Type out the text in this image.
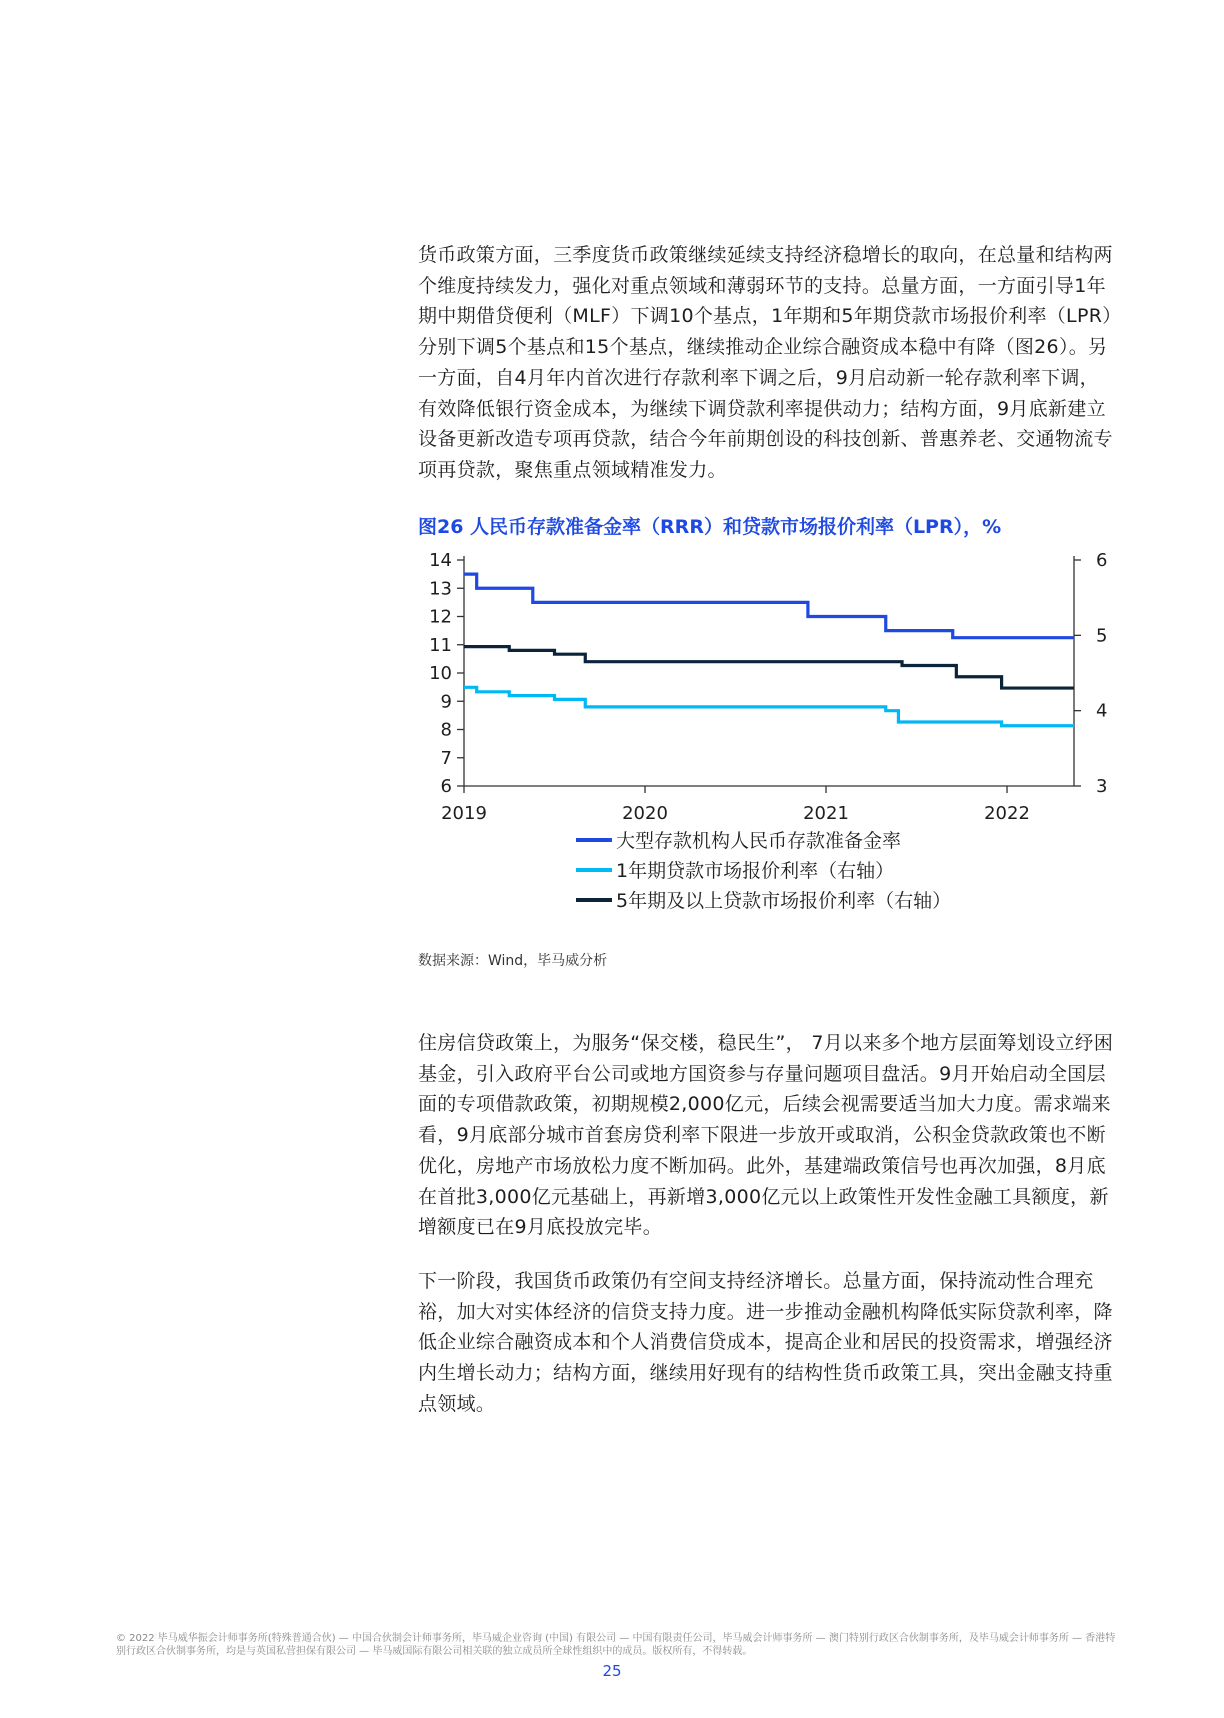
货币政策方面，三季度货币政策继续延续支持经济稳增长的取向，在总量和结构两个维度持续发力，强化对重点领域和薄弱环节的支持。总量方面，一方面引导1年期中期借贷便利（MLF）下调10个基点，1年期和5年期贷款市场报价利率（LPR）分别下调5个基点和15个基点，继续推动企业综合融资成本稳中有降（图26）。另一方面，自4月年内首次进行存款利率下调之后，9月启动新一轮存款利率下调，有效降低银行资金成本，为继续下调贷款利率提供动力；结构方面，9月底新建立设备更新改造专项再贷款，结合今年前期创设的科技创新、普惠养老、交通物流专项再贷款，聚焦重点领域精准发力。

图26 人民币存款准备金率（RRR）和贷款市场报价利率（LPR），%

14
13
12
11
10
9
8
7
6
6
5
4
3
2019	2020	2021	2022
大型存款机构人民币存款准备金率
1年期贷款市场报价利率（右轴）
5年期及以上贷款市场报价利率（右轴）
数据来源：Wind，毕马威分析

住房信贷政策上，为服务“保交楼，稳民生”， 7月以来多个地方层面筹划设立纾困基金，引入政府平台公司或地方国资参与存量问题项目盘活。9月开始启动全国层面的专项借款政策，初期规模2,000亿元，后续会视需要适当加大力度。需求端来看，9月底部分城市首套房贷利率下限进一步放开或取消，公积金贷款政策也不断优化，房地产市场放松力度不断加码。此外，基建端政策信号也再次加强，8月底在首批3,000亿元基础上，再新增3,000亿元以上政策性开发性金融工具额度，新增额度已在9月底投放完毕。

下一阶段，我国货币政策仍有空间支持经济增长。总量方面，保持流动性合理充裕，加大对实体经济的信贷支持力度。进一步推动金融机构降低实际贷款利率，降低企业综合融资成本和个人消费信贷成本，提高企业和居民的投资需求，增强经济内生增长动力；结构方面，继续用好现有的结构性货币政策工具，突出金融支持重点领域。

© 2022 毕马威华振会计师事务所(特殊普通合伙) — 中国合伙制会计师事务所，毕马威企业咨询 (中国) 有限公司 — 中国有限责任公司，毕马威会计师事务所 — 澳门特别行政区合伙制事务所，及毕马威会计师事务所 — 香港特别行政区合伙制事务所，均是与英国私营担保有限公司 — 毕马威国际有限公司相关联的独立成员所全球性组织中的成员。版权所有，不得转载。
25
